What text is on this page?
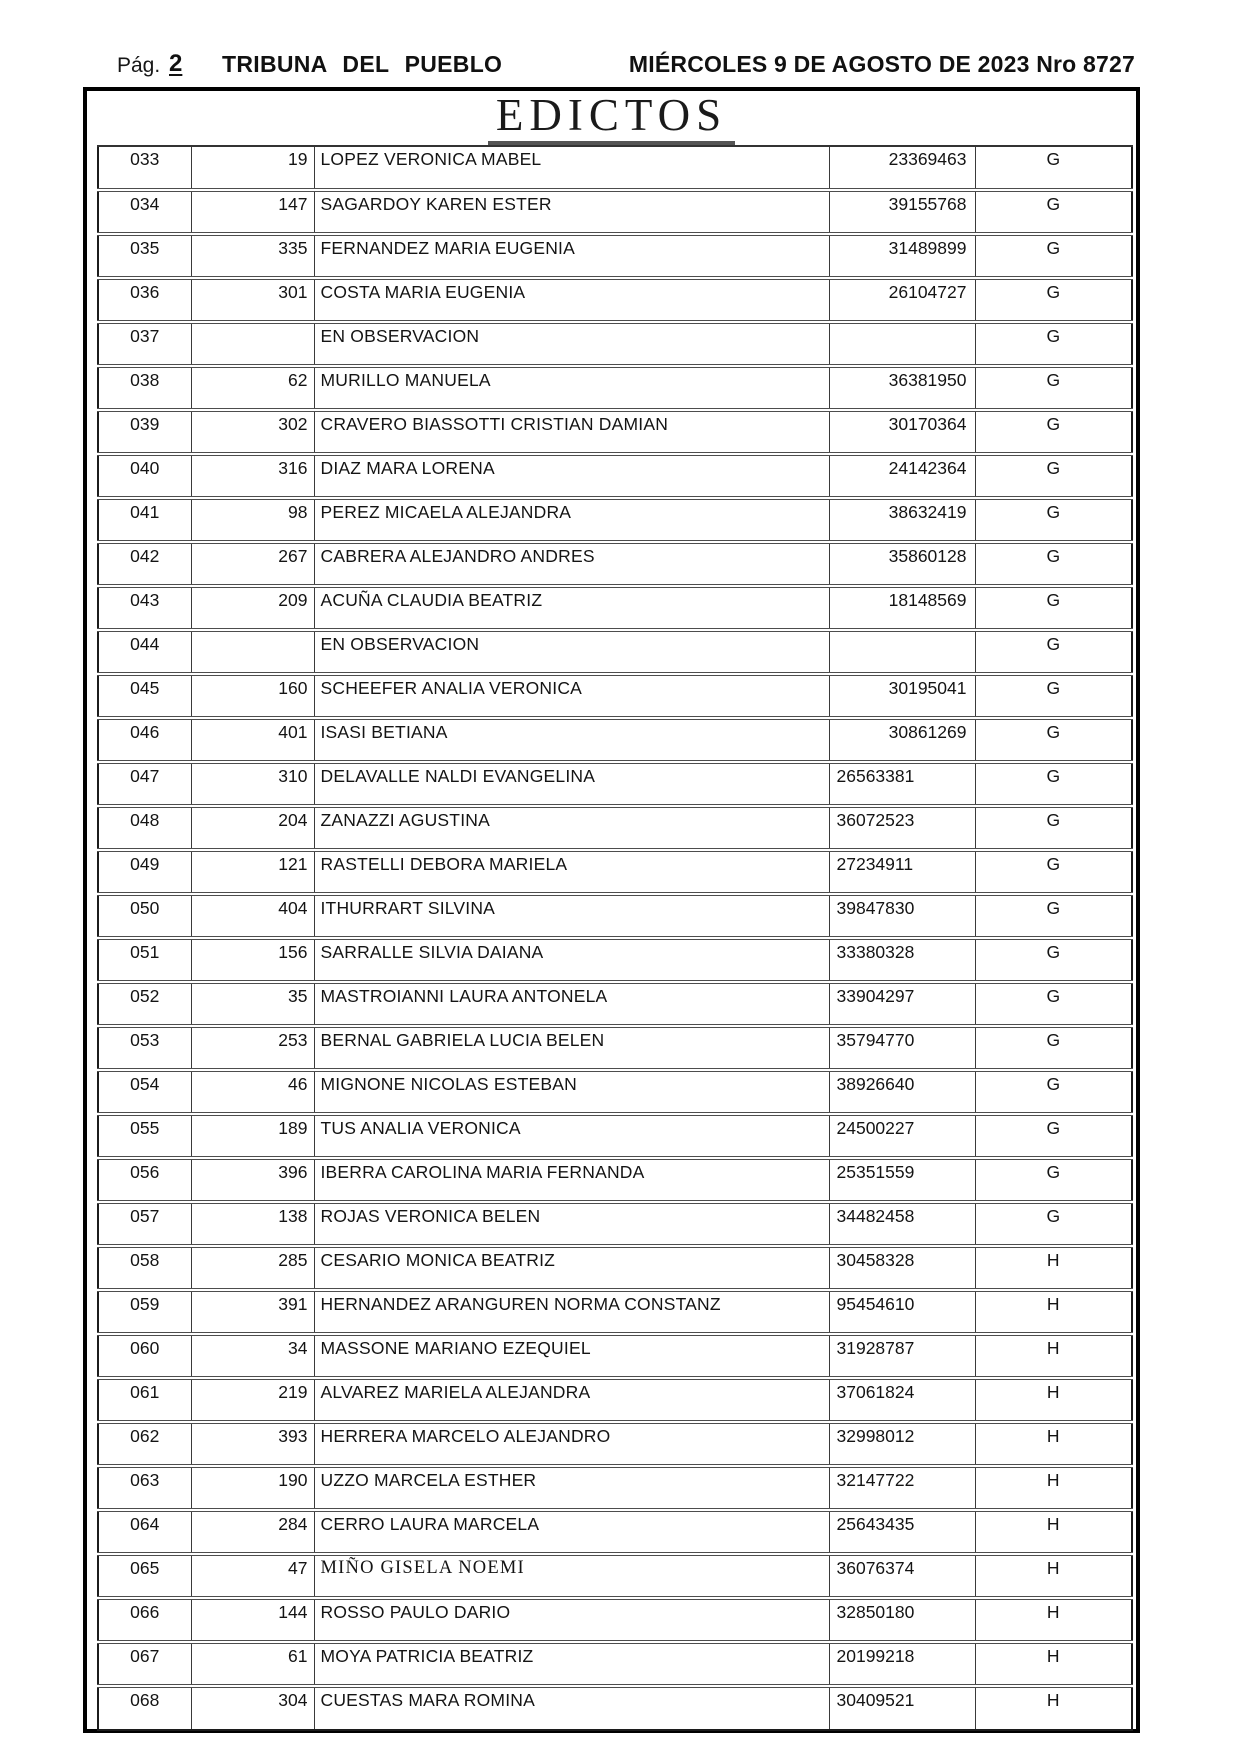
Pág. 2 TRIBUNA DEL PUEBLO	MIÉRCOLES 9 DE AGOSTO DE 2023 Nro 8727
EDICTOS
033	19	LOPEZ VERONICA MABEL	23369463	G
034	147	SAGARDOY KAREN ESTER	39155768	G
035	335	FERNANDEZ MARIA EUGENIA	31489899	G
036	301	COSTA MARIA EUGENIA	26104727	G
037		EN OBSERVACION		G
038	62	MURILLO MANUELA	36381950	G
039	302	CRAVERO BIASSOTTI CRISTIAN DAMIAN	30170364	G
040	316	DIAZ MARA LORENA	24142364	G
041	98	PEREZ MICAELA ALEJANDRA	38632419	G
042	267	CABRERA ALEJANDRO ANDRES	35860128	G
043	209	ACUÑA CLAUDIA BEATRIZ	18148569	G
044		EN OBSERVACION		G
045	160	SCHEEFER ANALIA VERONICA	30195041	G
046	401	ISASI BETIANA	30861269	G
047	310	DELAVALLE NALDI EVANGELINA	26563381	G
048	204	ZANAZZI AGUSTINA	36072523	G
049	121	RASTELLI DEBORA MARIELA	27234911	G
050	404	ITHURRART SILVINA	39847830	G
051	156	SARRALLE SILVIA DAIANA	33380328	G
052	35	MASTROIANNI LAURA ANTONELA	33904297	G
053	253	BERNAL GABRIELA LUCIA BELEN	35794770	G
054	46	MIGNONE NICOLAS ESTEBAN	38926640	G
055	189	TUS ANALIA VERONICA	24500227	G
056	396	IBERRA CAROLINA MARIA FERNANDA	25351559	G
057	138	ROJAS VERONICA BELEN	34482458	G
058	285	CESARIO MONICA BEATRIZ	30458328	H
059	391	HERNANDEZ ARANGUREN NORMA CONSTANZ	95454610	H
060	34	MASSONE MARIANO EZEQUIEL	31928787	H
061	219	ALVAREZ MARIELA ALEJANDRA	37061824	H
062	393	HERRERA MARCELO ALEJANDRO	32998012	H
063	190	UZZO MARCELA ESTHER	32147722	H
064	284	CERRO LAURA MARCELA	25643435	H
065	47	MIÑO GISELA NOEMI	36076374	H
066	144	ROSSO PAULO DARIO	32850180	H
067	61	MOYA PATRICIA BEATRIZ	20199218	H
068	304	CUESTAS MARA ROMINA	30409521	H
